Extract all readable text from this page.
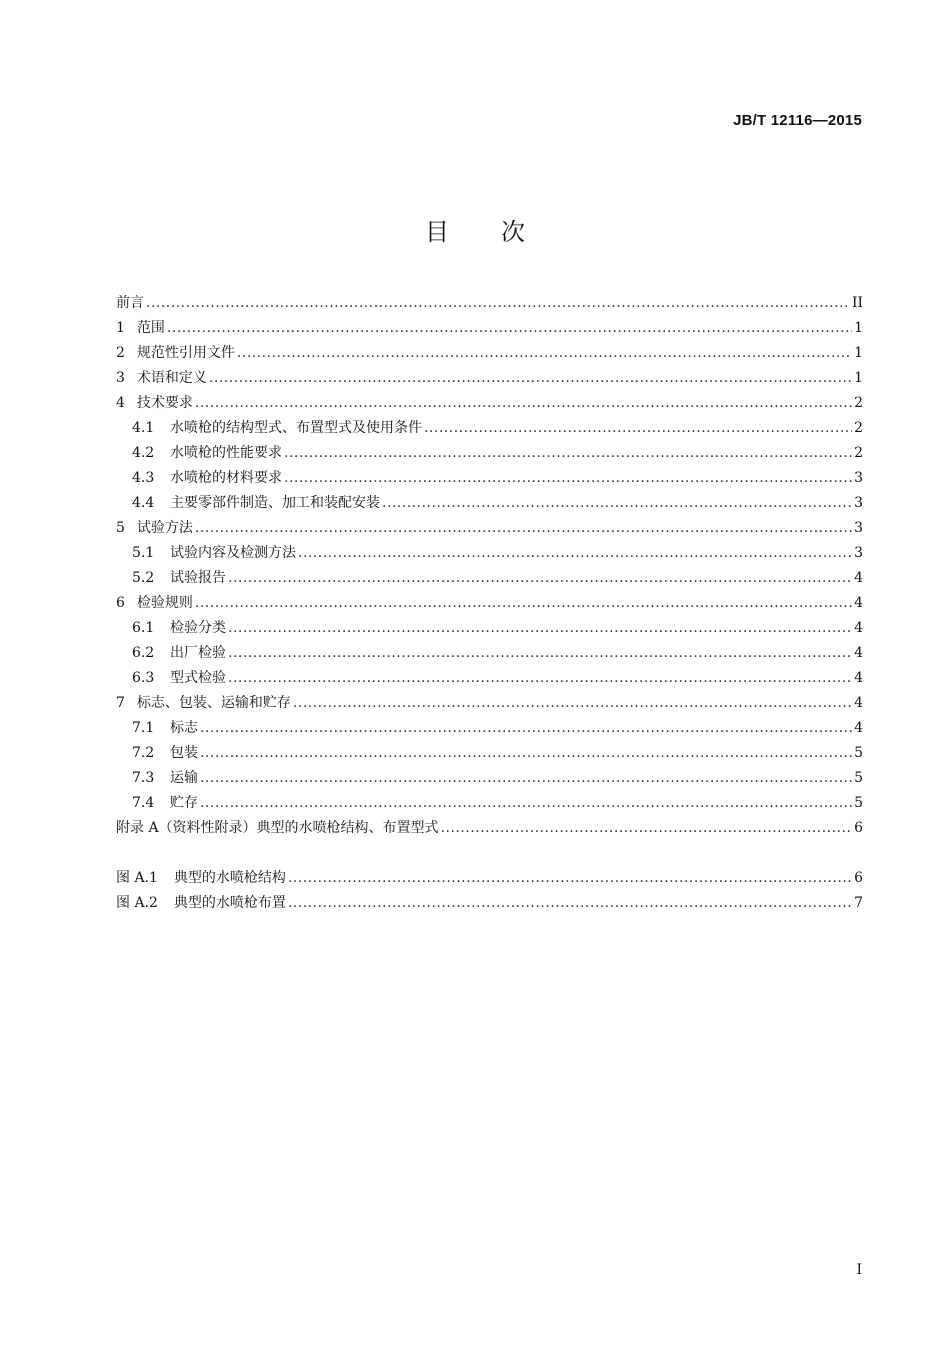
JB/T 12116—2015
目 次
前言 .....	II
1 范围 .....	1
2 规范性引用文件 .....	1
3 术语和定义 .....	1
4 技术要求 .....	2
4.1 水喷枪的结构型式、布置型式及使用条件 .....	2
4.2 水喷枪的性能要求 .....	2
4.3 水喷枪的材料要求 .....	3
4.4 主要零部件制造、加工和装配安装 .....	3
5 试验方法 .....	3
5.1 试验内容及检测方法 .....	3
5.2 试验报告 .....	4
6 检验规则 .....	4
6.1 检验分类 .....	4
6.2 出厂检验 .....	4
6.3 型式检验 .....	4
7 标志、包装、运输和贮存 .....	4
7.1 标志 .....	4
7.2 包装 .....	5
7.3 运输 .....	5
7.4 贮存 .....	5
附录 A（资料性附录）典型的水喷枪结构、布置型式 .....	6
图 A.1 典型的水喷枪结构 .....	6
图 A.2 典型的水喷枪布置 .....	7
I
